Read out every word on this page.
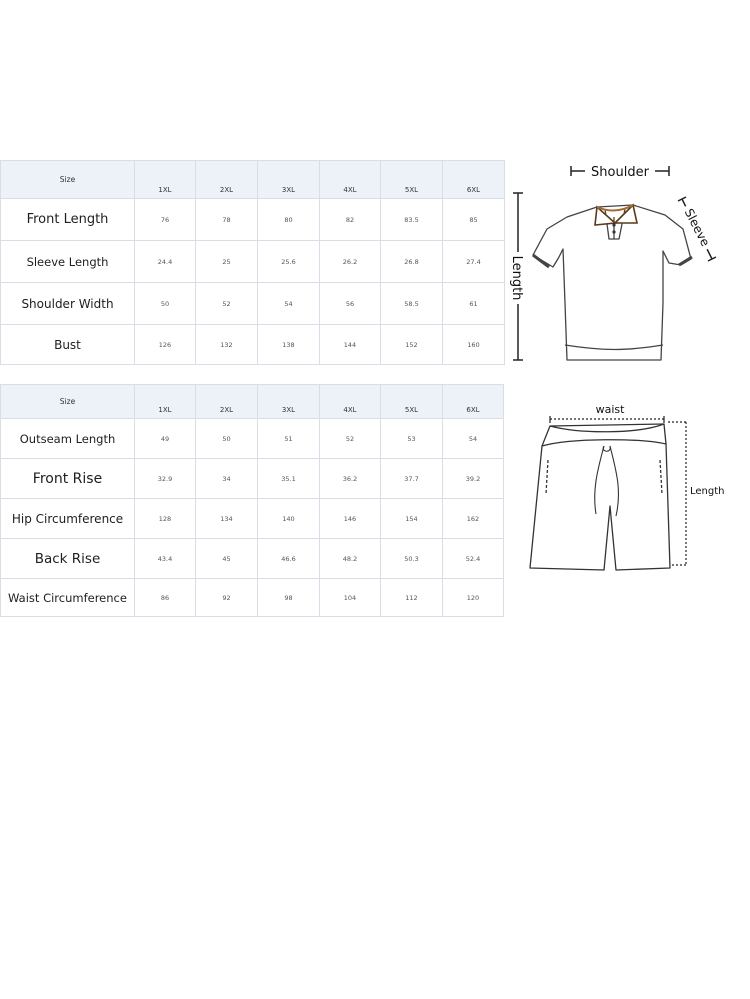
Size	1XL	2XL	3XL	4XL	5XL	6XL
Front Length	76	78	80	82	83.5	85
Sleeve Length	24.4	25	25.6	26.2	26.8	27.4
Shoulder Width	50	52	54	56	58.5	61
Bust	126	132	138	144	152	160
Size	1XL	2XL	3XL	4XL	5XL	6XL
Outseam Length	49	50	51	52	53	54
Front Rise	32.9	34	35.1	36.2	37.7	39.2
Hip Circumference	128	134	140	146	154	162
Back Rise	43.4	45	46.6	48.2	50.3	52.4
Waist Circumference	86	92	98	104	112	120
Shoulder
Sleeve
Length
waist
Length
